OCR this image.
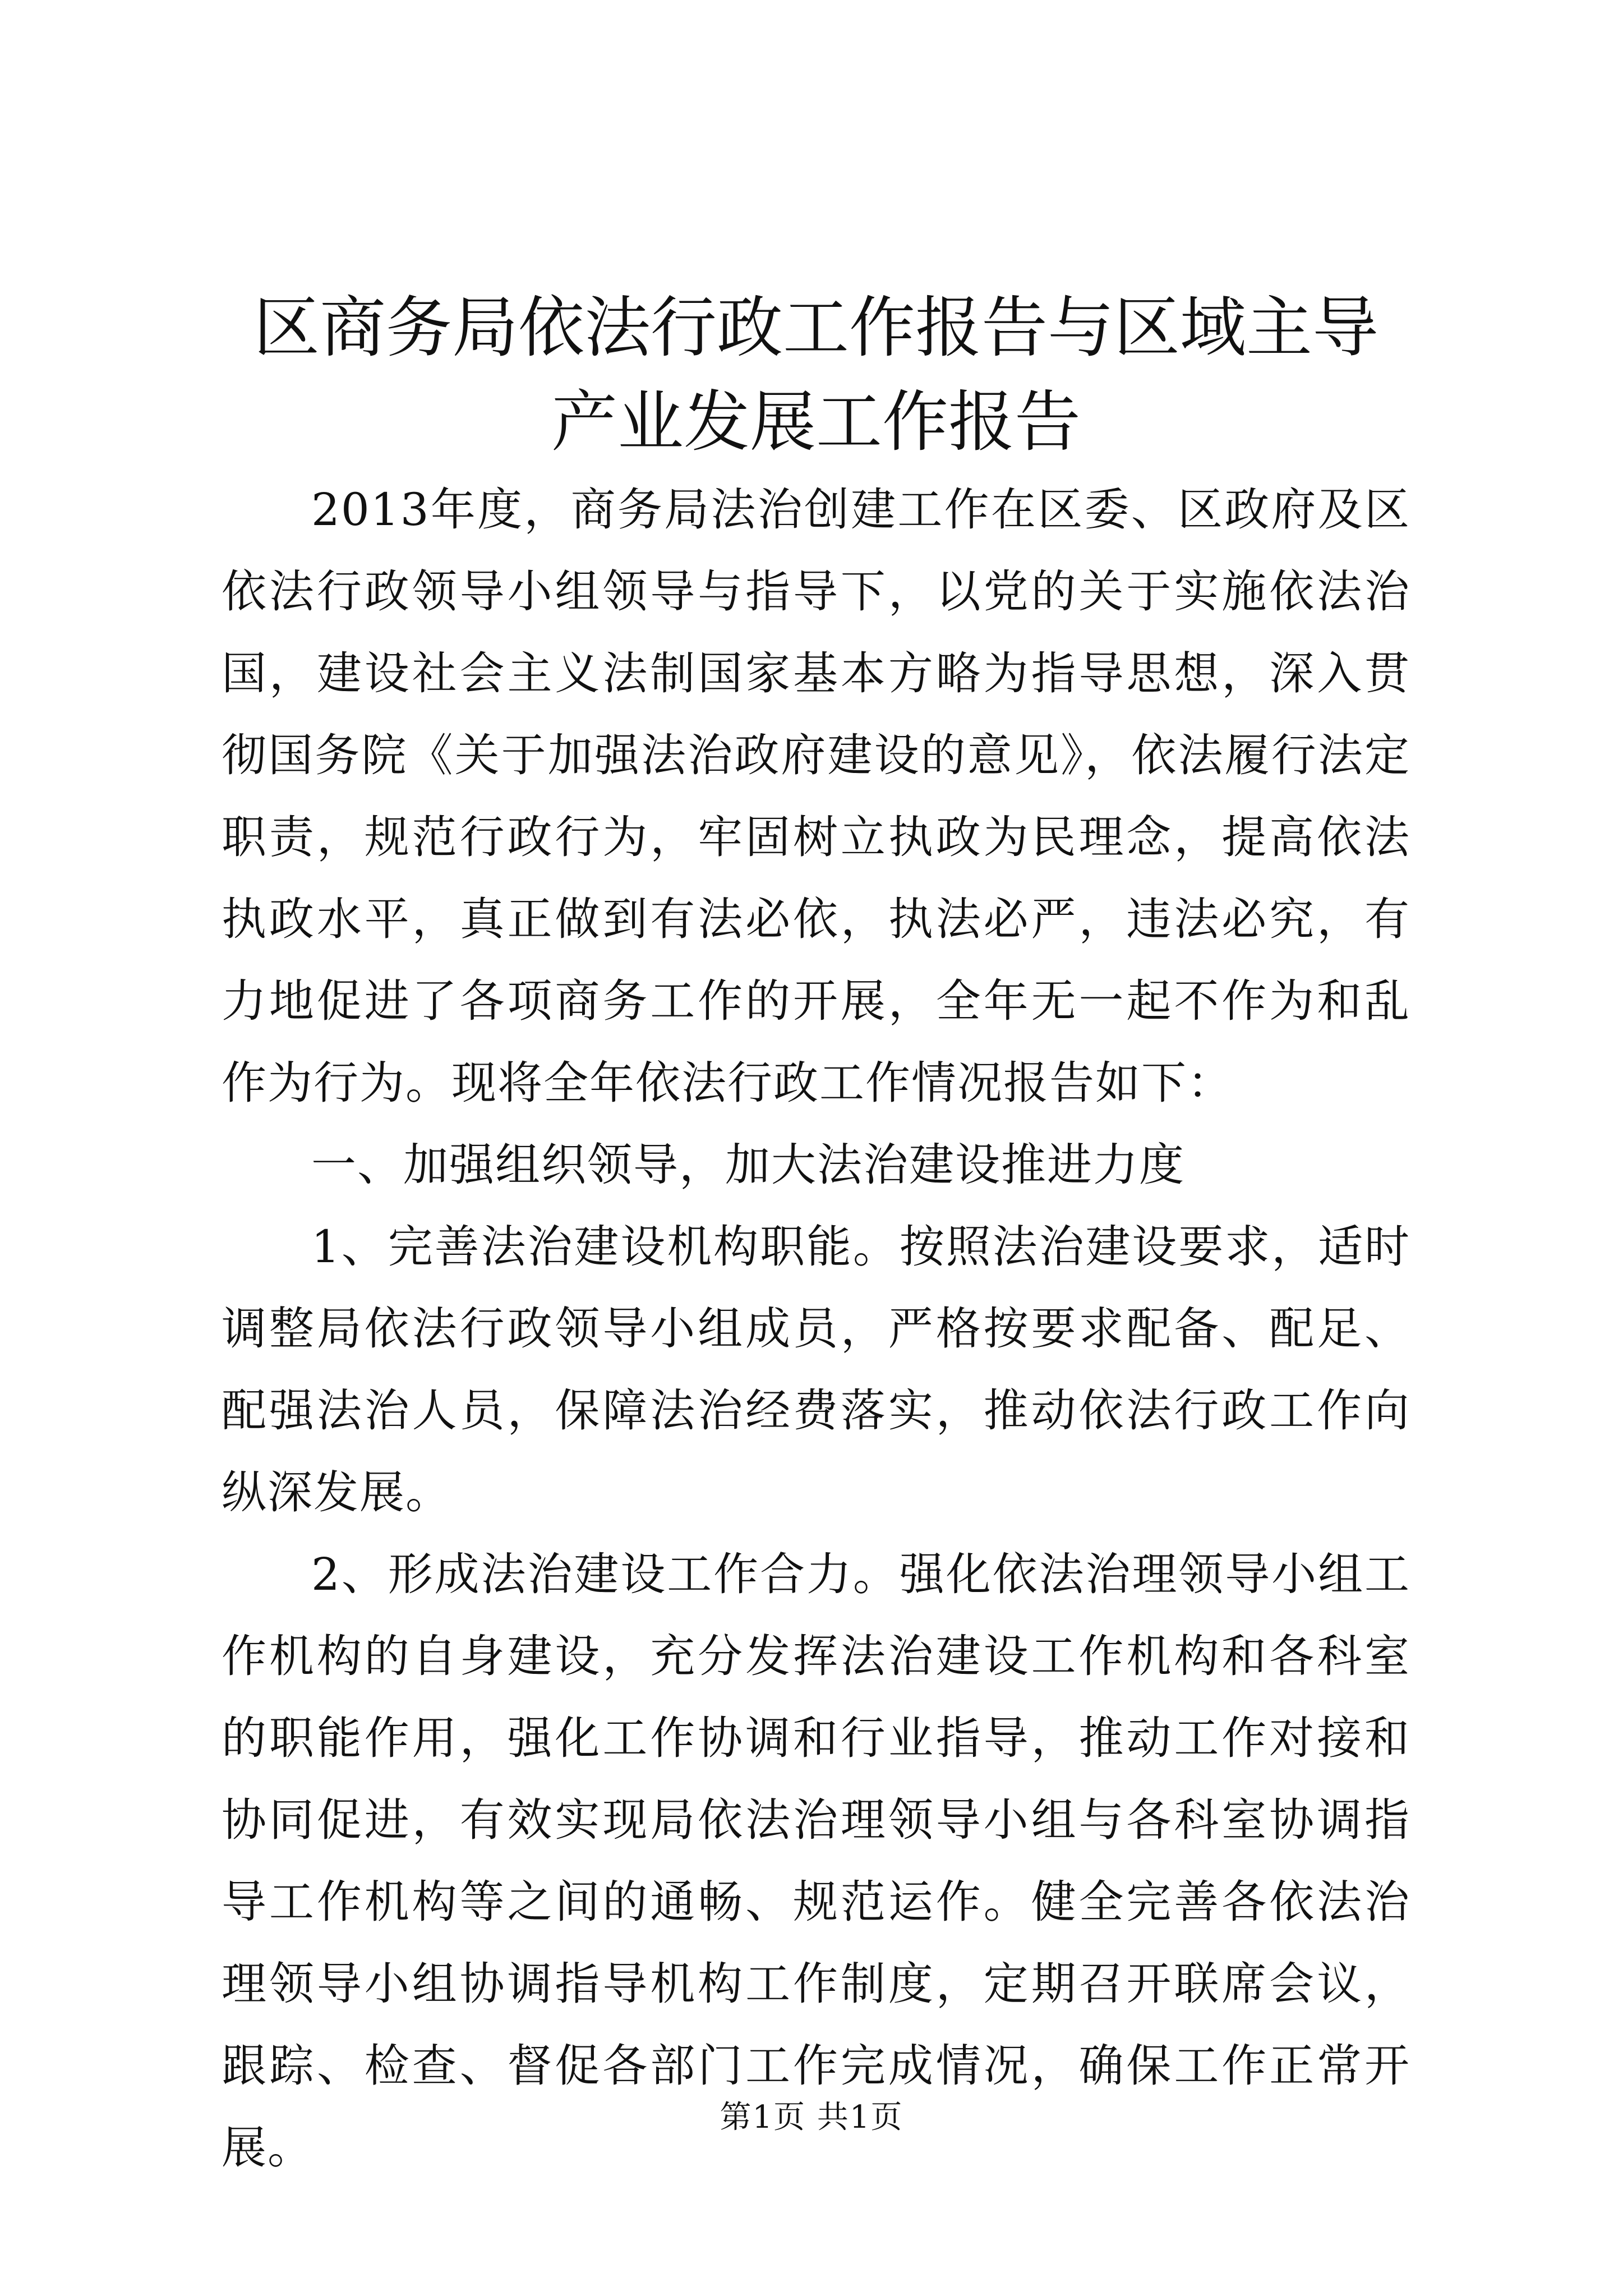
区商务局依法行政工作报告与区域主导产业发展工作报告

2013年度，商务局法治创建工作在区委、区政府及区依法行政领导小组领导与指导下，以党的关于实施依法治国，建设社会主义法制国家基本方略为指导思想，深入贯彻国务院《关于加强法治政府建设的意见》，依法履行法定职责，规范行政行为，牢固树立执政为民理念，提高依法执政水平，真正做到有法必依，执法必严，违法必究，有力地促进了各项商务工作的开展，全年无一起不作为和乱作为行为。现将全年依法行政工作情况报告如下：

一、加强组织领导，加大法治建设推进力度

1、完善法治建设机构职能。按照法治建设要求，适时调整局依法行政领导小组成员，严格按要求配备、配足、配强法治人员，保障法治经费落实，推动依法行政工作向纵深发展。

2、形成法治建设工作合力。强化依法治理领导小组工作机构的自身建设，充分发挥法治建设工作机构和各科室的职能作用，强化工作协调和行业指导，推动工作对接和协同促进，有效实现局依法治理领导小组与各科室协调指导工作机构等之间的通畅、规范运作。健全完善各依法治理领导小组协调指导机构工作制度，定期召开联席会议，跟踪、检查、督促各部门工作完成情况，确保工作正常开展。

第1页 共1页
